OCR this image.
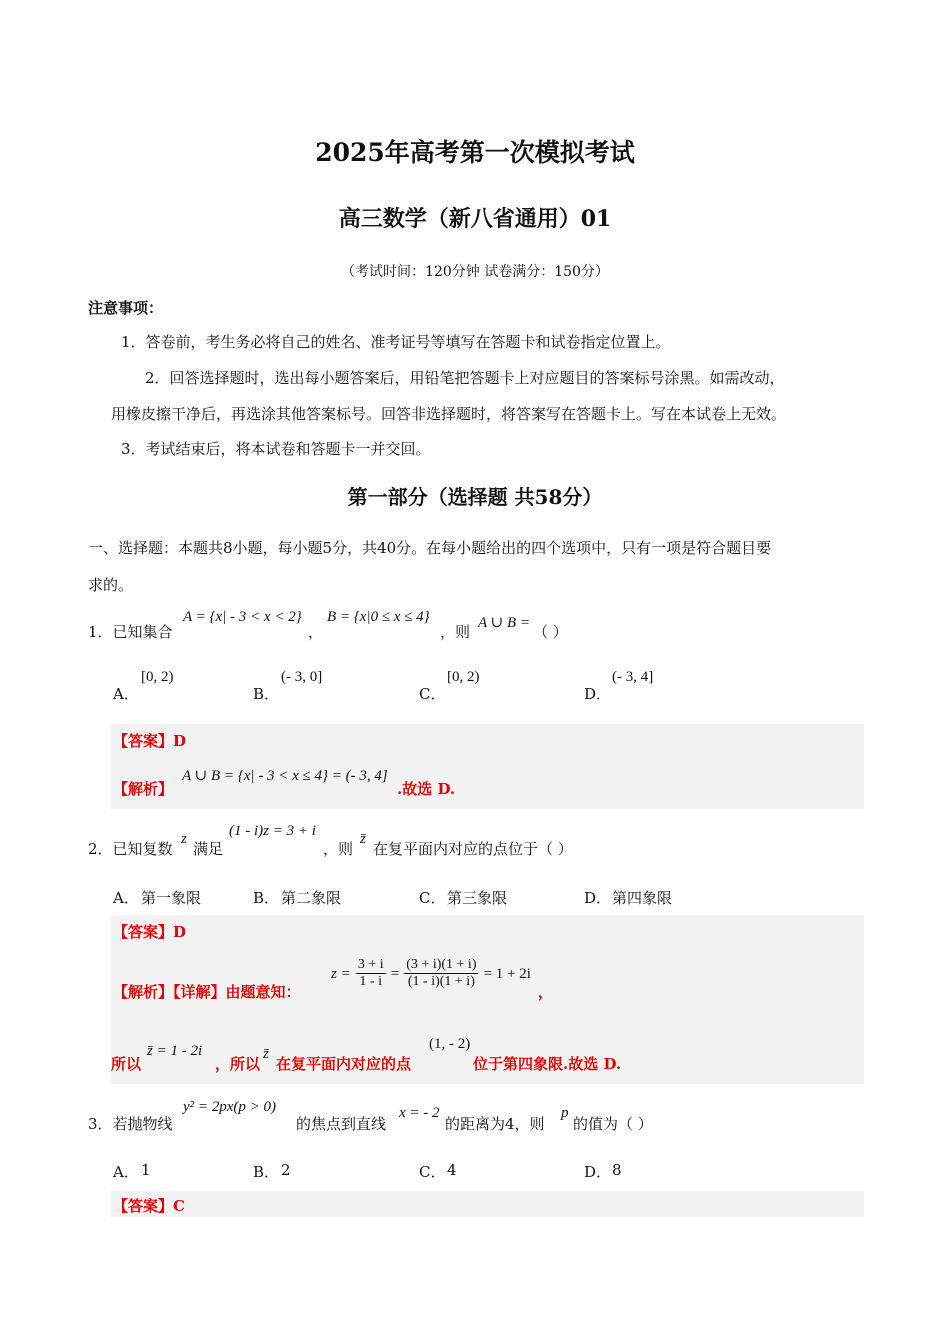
2025年高考第一次模拟考试
高三数学（新八省通用）01
（考试时间：120分钟 试卷满分：150分）
注意事项：
1．答卷前，考生务必将自己的姓名、准考证号等填写在答题卡和试卷指定位置上。
2．回答选择题时，选出每小题答案后，用铅笔把答题卡上对应题目的答案标号涂黑。如需改动，
用橡皮擦干净后，再选涂其他答案标号。回答非选择题时，将答案写在答题卡上。写在本试卷上无效。
3．考试结束后，将本试卷和答题卡一并交回。
第一部分（选择题 共58分）
一、选择题：本题共8小题，每小题5分，共40分。在每小题给出的四个选项中，只有一项是符合题目要
求的。
1．已知集合
A = {x| - 3 < x < 2}
，
B = {x|0 ≤ x ≤ 4}
，则 A ∪ B = （ ）
A．
[0, 2)
B．
(- 3, 0]
C．
[0, 2)
D．
(- 3, 4]
【答案】D
【解析】
A ∪ B = {x| - 3 < x ≤ 4} = (- 3, 4]
.故选 D.
2．已知复数
z
满足
(1 - i)z = 3 + i
，则
z̄
在复平面内对应的点位于（ ）
A． 第一象限	B． 第二象限	C． 第三象限	D． 第四象限
【答案】D
【解析】【详解】由题意知：
$z = \frac{3 + i}{1 - i} = \frac{(3 + i)(1 + i)}{(1 - i)(1 + i)} = 1 + 2i$
，
所以
z̄ = 1 - 2i
，所以
z̄
在复平面内对应的点
(1, - 2)
位于第四象限.故选 D.
3．若抛物线
y² = 2px(p > 0)
的焦点到直线
x = - 2
的距离为4，则
p
的值为（ ）
A． 1	B． 2	C． 4	D． 8
【答案】C
